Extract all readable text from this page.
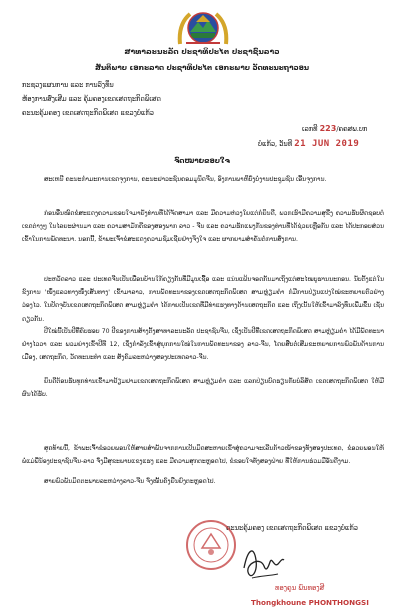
ສາທາລະນະລັດ ປະຊາທິປະໄຕ ປະຊາຊົນລາວ
ສັນຕິພາບ ເອກະລາດ ປະຊາທິປະໄຕ ເອກະພາບ ວັດທະນະຖາວອນ
ກະຊວງແຜນການ ແລະ ການລົງທຶນ
ຫ້ອງການສົ່ງເສີມ ແລະ ຄຸ້ມຄອງເຂດເສດຖະກິດພິເສດ
ຄະນະຄຸ້ມຄອງ ເຂດເສດຖະກິດພິເສດ ແຂວງບໍ່ແກ້ວ
ເລກທີ 223/ຄຄສພ.ບກ
ບໍ່ແກ້ວ, ວັນທີ 21 JUN 2019
ຈົດໝາຍຂອບໃຈ

ສະເຫນີ ຄະນະກຳມະການເຂດຈຸງການ, ຄະນະຢາວະຊົນຄອມມູນິດຈີນ, ອົງການພາຫິບົ່ງບໍ່ງານປະຊຸມຊົນ ເອີ້ນຈຸງການ.

ກ່ອນອື່ນໝົດຂໍສະແດງຄວາມຂອບໃຈມາຍັງທ່ານທີ່ໄດ້ຈັດສາມາ ແລະ ມີຄວາມຫ່ວງໃຍແຕ່ກໍຍິນດີ, ພວກເຮົາມີຄວາມສຸຂີ່ງ ຄວາມຮັບຜິດຊອບຕໍ່ເຂດຕ່າງໆ ໃນໄລຍະຜ່ານມາ ແລະ ຄວາມສາມັກຄີຂອງສອງພາກ ລາວ - ຈີນ ແລະ ຄວາມຮັກແພງກັນຂອງທ່ານທີ່ໄດ້ຊ່ວຍເຫຼືອກັນ ແລະ ໄດ້ປະກອບສ່ວນເຂົ້າໃນການພັດທະນາ. ນອກນີ້, ຂ້າພະເຈົ້າຂໍສະແດງຄວາມຊົມເຊີຍຢ່າງຈິງໃຈ ແລະ ຜາກຍາມສຳຄັນຕໍ່ການສົ່ງການ.

ປະຫວັດລາວ ແລະ ປະເທດຈີນເປັນເພື່ອນບ້ານໃກ້ຄຽງກັນທີ່ມີມູນເຊື້ອ ແລະ ແນ່ນແຟ້ນຈອດກັນມາເຖິງແຕ່ສະໄໝບູຮານນະກອນ. ນັບຕັ້ງແຕ່ໃນຂົງການ 'ໜຶ່ງແລວທາງໜຶ່ງເສັ້ນທາງ' ເຂົ້າມາລາວ, ການພັດທະນາຂອງເຂດເສດຖະກິດພິເສດ ສາມຫຼ່ຽມຄຳ ກໍມີການປ່ຽນແປງໃໝ່ຂະຫຍາຍຕົວຢ່າງວ່ອງໄວ. ໃນປັດຈຸບັນເຂດເສດຖະກິດພິເສດ ສາມຫຼ່ຽມຄຳ ໄດ້ກາຍເປັນເຂດທີ່ມີທ່າແຮງທາງດ້ານເສດຖະກິດ ແລະ ເຖິງເນັ້ນໃຫ້ເຂົ້າມາລົງທຶນເພີ່ມຂຶ້ນ ເຊັ່ນດຽວກັນ.

ປີໃໝ່ນີ້ເປັນປີທີ່ຄົບຮອບ 70 ປີຂອງການສ້າງຕັ້ງສາທາລະນະລັດ ປະຊາຊົນຈີນ, ເຊິ່ງເປັນປີທີ່ເຂດເສດຖະກິດພິເສດ ສາມຫຼ່ຽມຄຳ ໄດ້ມີພັດທະນາຢ່າງໄວວາ ແລະ ພວມຍ່າງເຂົ້າປີທີ 12, ເຊິ່ງກໍາລັງເຂົ້າສູ່ຍຸກການໃໝ່ໃນການພັດທະນາຂອງ ລາວ-ຈີນ, ໂດຍສືບຕໍ່ເສີມຂະຫຍາຍການພົວພັນດ້ານການເມືອງ, ເສດຖະກິດ, ວັດທະນະທໍາ ແລະ ສັງຄົມລະຫວ່າງສອງປະເທດລາວ-ຈີນ.

ຍິນດີຕ້ອນຮັບທຸກທ່ານເຂົ້າມາຢ້ຽມຢາມເຂດເສດຖະກິດພິເສດ ສາມຫຼ່ຽມຄຳ ແລະ ແລກປ່ຽນບົດຮຽນກັບບໍລິສັດ ເຂດເສດຖະກິດພິເສດ ໃຫ້ມີຜົນໄດ້ຮັບ.

ສຸດທ້າຍນີ້, ຂ້າພະເຈົ້າຂໍອວຍພອນໃຫ້ສາຍສຳພັນຈາກການເປັນມິດສະຫາຍເຂົ້າສູ່ຄວາມຈະເລີນກ້າວໜ້າຂອງທັງສອງປະເທດ, ຂໍອວຍພອນໃຫ້ພໍ່ແມ່ພີ່ນ້ອງປະຊາຊົນຈີນ-ລາວ ຈົ່ງມີສຸຂະພາບແຂງແຮງ ແລະ ມີຄວາມສຸກຕະຫຼອດໄປ, ຂໍຂອບໃຈທັງສອງຝ່າຍ ທີ່ໃຫ້ການຮ່ວມມືອັນດີງາມ.

ສາຍພົວພັນມິດຕະພາບລະຫວ່າງລາວ-ຈີນ ຈົ່ງໝັ້ນຄົງຍືນຍົງຕະຫຼອດໄປ.

ຄະນະຄຸ້ມຄອງ ເຂດເສດຖະກິດພິເສດ ແຂວງບໍ່ແກ້ວ
ທອງຄູນ ພົນທອງສີ
Thongkhoune PHONTHONGSI
